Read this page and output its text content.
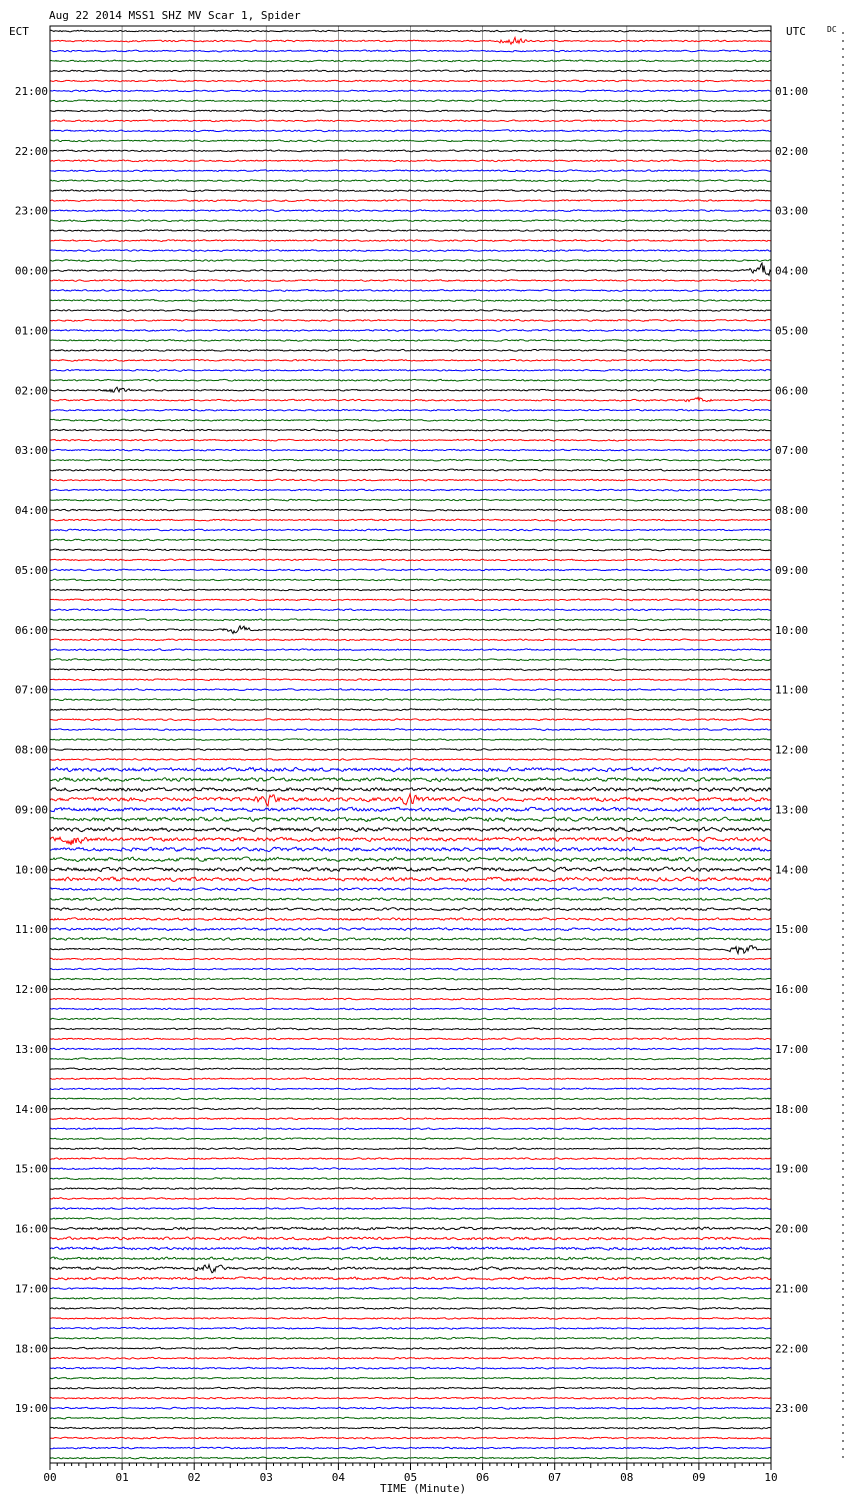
00	01	02	03	04	05	06	07	08	09	10
21:00
22:00
23:00
00:00
01:00
02:00
03:00
04:00
05:00
06:00
07:00
08:00
09:00
10:00
11:00
12:00
13:00
14:00
15:00
16:00
17:00
18:00
19:00
01:00
02:00
03:00
04:00
05:00
06:00
07:00
08:00
09:00
10:00
11:00
12:00
13:00
14:00
15:00
16:00
17:00
18:00
19:00
20:00
21:00
22:00
23:00
Aug 22 2014 MSS1 SHZ MV Scar 1, Spider
ECT	UTC	DC
TIME (Minute)
